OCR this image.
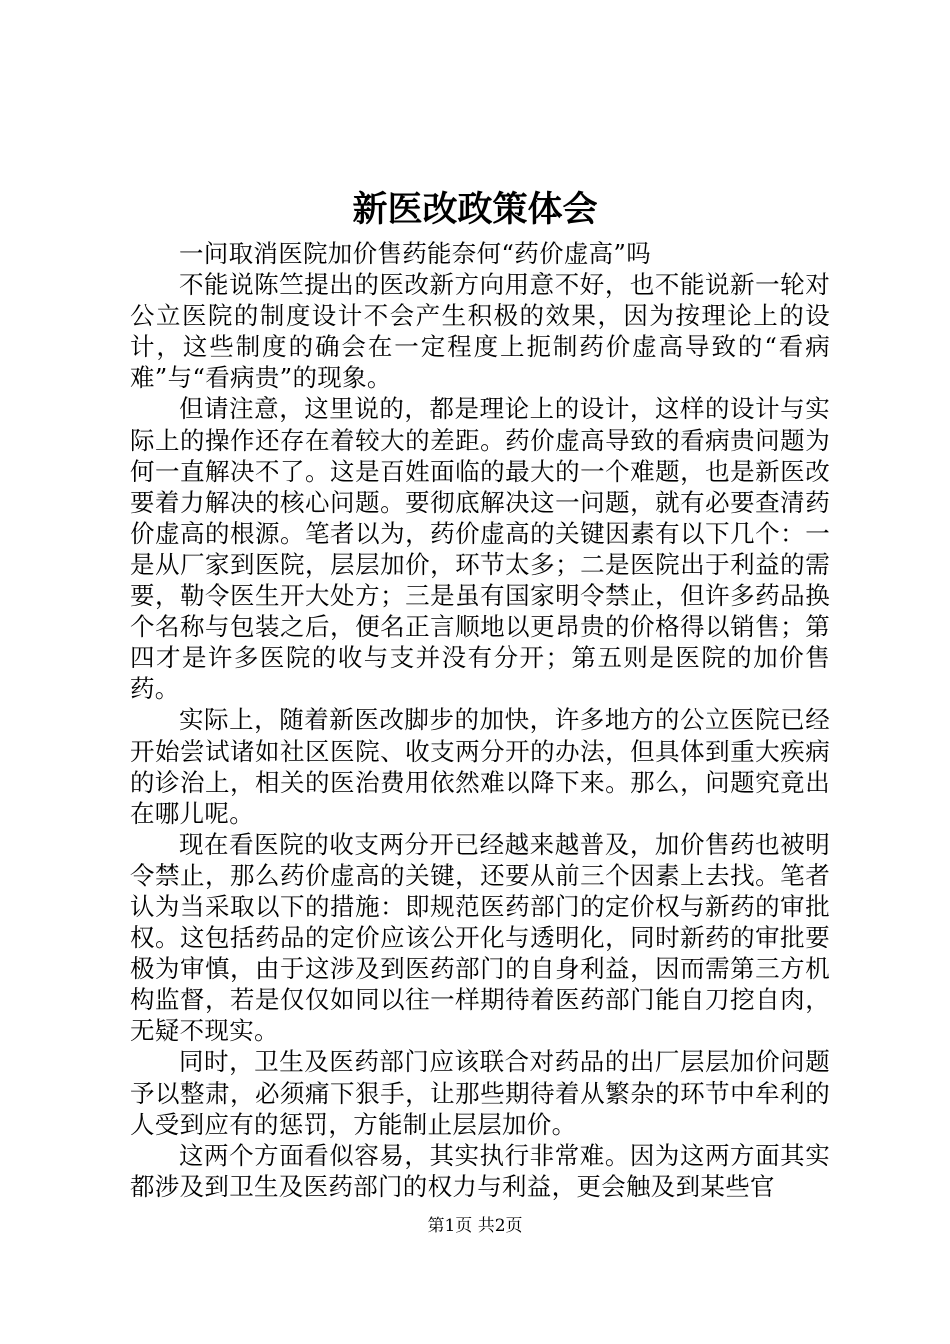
新医改政策体会

一问取消医院加价售药能奈何“药价虚高”吗

不能说陈竺提出的医改新方向用意不好，也不能说新一轮对公立医院的制度设计不会产生积极的效果，因为按理论上的设计，这些制度的确会在一定程度上扼制药价虚高导致的“看病难”与“看病贵”的现象。

但请注意，这里说的，都是理论上的设计，这样的设计与实际上的操作还存在着较大的差距。药价虚高导致的看病贵问题为何一直解决不了。这是百姓面临的最大的一个难题，也是新医改要着力解决的核心问题。要彻底解决这一问题，就有必要查清药价虚高的根源。笔者以为，药价虚高的关键因素有以下几个：一是从厂家到医院，层层加价，环节太多；二是医院出于利益的需要，勒令医生开大处方；三是虽有国家明令禁止，但许多药品换个名称与包装之后，便名正言顺地以更昂贵的价格得以销售；第四才是许多医院的收与支并没有分开；第五则是医院的加价售药。

实际上，随着新医改脚步的加快，许多地方的公立医院已经开始尝试诸如社区医院、收支两分开的办法，但具体到重大疾病的诊治上，相关的医治费用依然难以降下来。那么，问题究竟出在哪儿呢。

现在看医院的收支两分开已经越来越普及，加价售药也被明令禁止，那么药价虚高的关键，还要从前三个因素上去找。笔者认为当采取以下的措施：即规范医药部门的定价权与新药的审批权。这包括药品的定价应该公开化与透明化，同时新药的审批要极为审慎，由于这涉及到医药部门的自身利益，因而需第三方机构监督，若是仅仅如同以往一样期待着医药部门能自刀挖自肉，无疑不现实。

同时，卫生及医药部门应该联合对药品的出厂层层加价问题予以整肃，必须痛下狠手，让那些期待着从繁杂的环节中牟利的人受到应有的惩罚，方能制止层层加价。

这两个方面看似容易，其实执行非常难。因为这两方面其实都涉及到卫生及医药部门的权力与利益，更会触及到某些官

第1页 共2页
